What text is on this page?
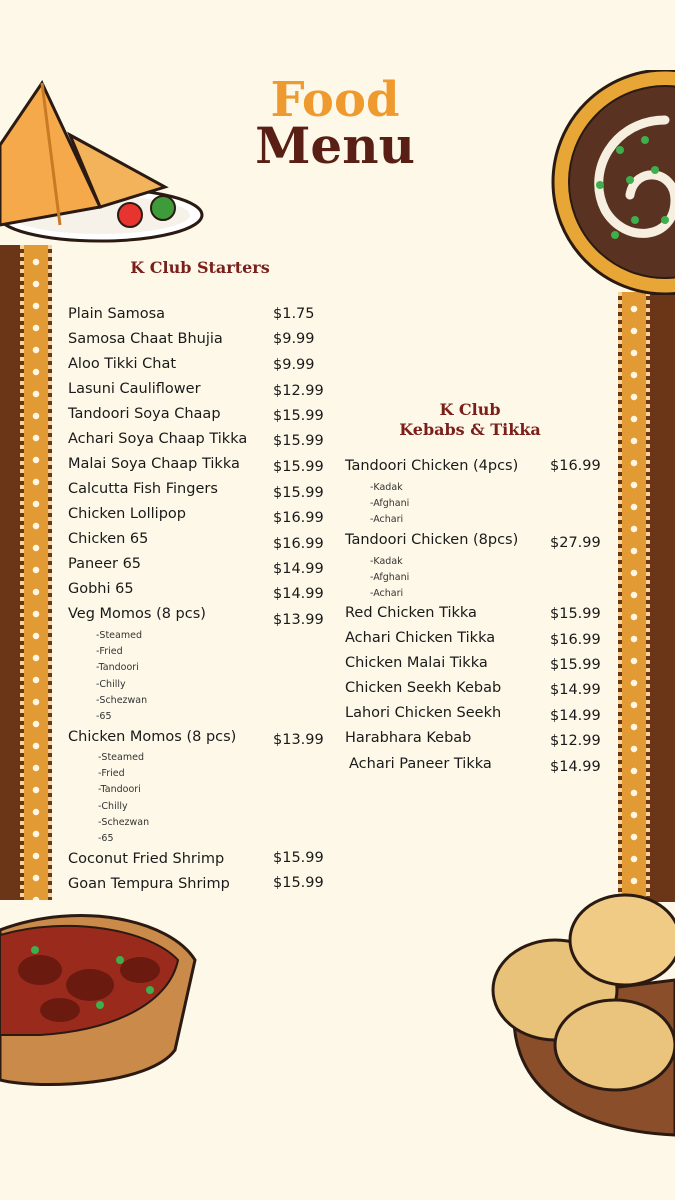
Food
Menu
K Club Starters
K Club
Kebabs & Tikka
Plain Samosa	$1.75
Samosa Chaat Bhujia	$9.99
Aloo Tikki Chat	$9.99
Lasuni Cauliflower	$12.99
Tandoori Soya Chaap	$15.99
Achari Soya Chaap Tikka $15.99
Malai Soya Chaap Tikka $15.99
Calcutta Fish Fingers	$15.99
Chicken Lollipop	$16.99
Chicken 65	$16.99
Paneer 65	$14.99
Gobhi 65	$14.99
Veg Momos (8 pcs)	$13.99
-Steamed
-Fried
-Tandoori
-Chilly
-Schezwan
-65
Chicken Momos (8 pcs)	$13.99
-Steamed
-Fried
-Tandoori
-Chilly
-Schezwan
-65
Coconut Fried Shrimp	$15.99
Goan Tempura Shrimp	$15.99
Tandoori Chicken (4pcs) $16.99
-Kadak
-Afghani
-Achari
Tandoori Chicken (8pcs) $27.99
-Kadak
-Afghani
-Achari
Red Chicken Tikka	$15.99
Achari Chicken Tikka	$16.99
Chicken Malai Tikka	$15.99
Chicken Seekh Kebab	$14.99
Lahori Chicken Seekh	$14.99
Harabhara Kebab	$12.99
Achari Paneer Tikka	$14.99
